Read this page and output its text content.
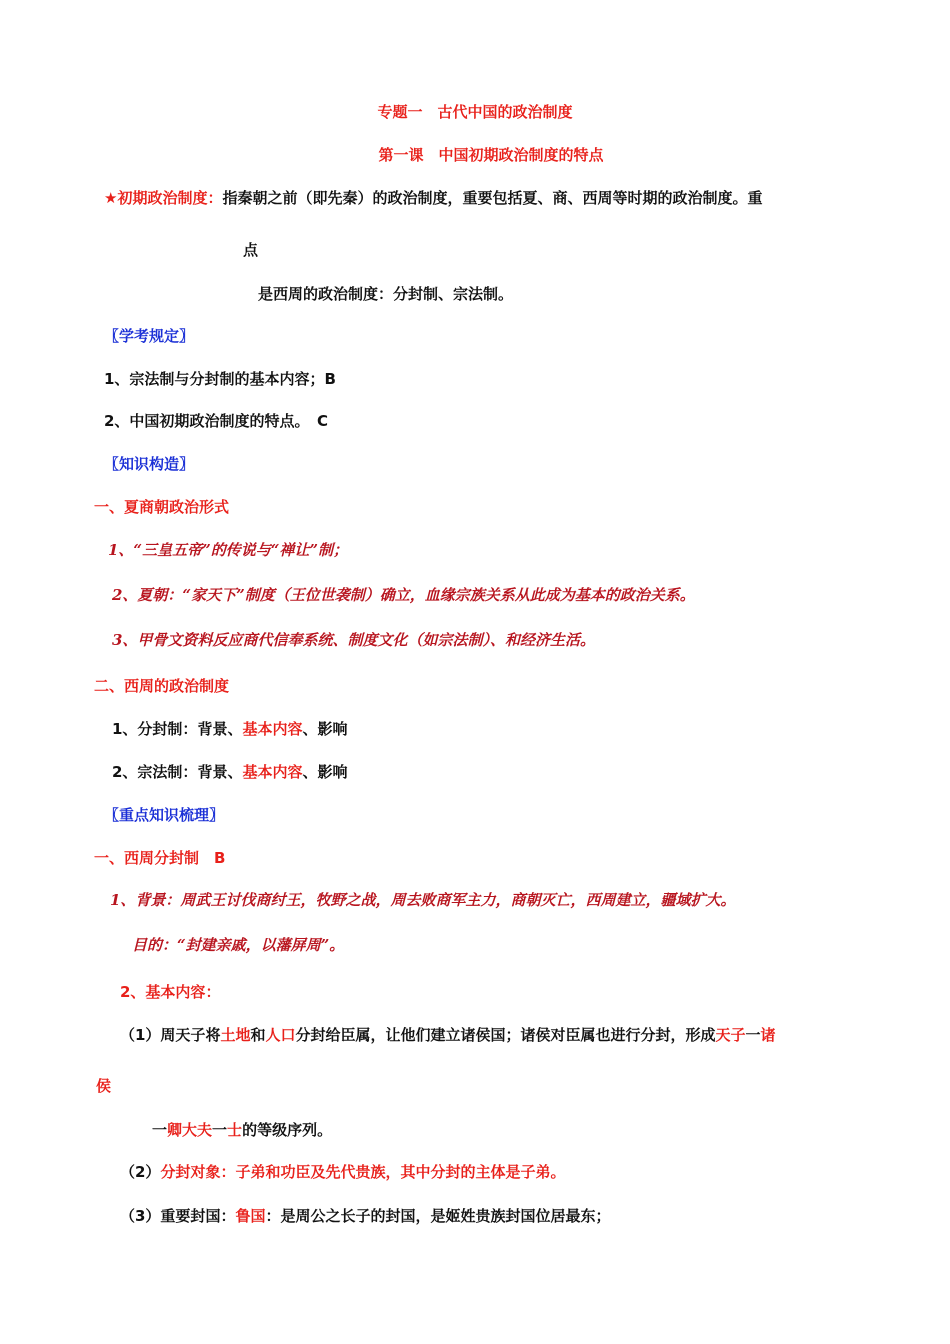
专题一　古代中国的政治制度
第一课　中国初期政治制度的特点
★初期政治制度：指秦朝之前（即先秦）的政治制度，重要包括夏、商、西周等时期的政治制度。重
点
是西周的政治制度：分封制、宗法制。
〖学考规定〗
1、宗法制与分封制的基本内容；B
2、中国初期政治制度的特点。　C
〖知识构造〗
一、夏商朝政治形式
1、“三皇五帝”的传说与“禅让”制；
2、夏朝：“家天下”制度（王位世袭制）确立，血缘宗族关系从此成为基本的政治关系。
3、甲骨文资料反应商代信奉系统、制度文化（如宗法制）、和经济生活。
二、西周的政治制度
1、分封制：背景、基本内容、影响
2、宗法制：背景、基本内容、影响
〖重点知识梳理〗
一、西周分封制　B
1、背景：周武王讨伐商纣王，牧野之战，周去败商军主力，商朝灭亡，西周建立，疆域扩大。
目的：“封建亲戚，以藩屏周”。
2、基本内容：
（1）周天子将土地和人口分封给臣属，让他们建立诸侯国；诸侯对臣属也进行分封，形成天子一诸
侯
一卿大夫一士的等级序列。
（2）分封对象：子弟和功臣及先代贵族，其中分封的主体是子弟。
（3）重要封国：鲁国：是周公之长子的封国，是姬姓贵族封国位居最东；
